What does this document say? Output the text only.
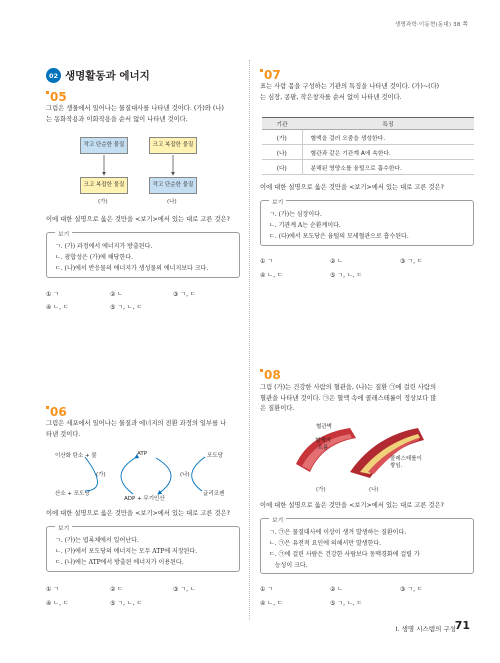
생명과학·이동현(동대) 38 쪽
02 생명활동과 에너지
05
그림은 생물에서 일어나는 물질대사를 나타낸 것이다. (가)와 (나)
는 동화작용과 이화작용을 순서 없이 나타낸 것이다.
작고 단순한 물질	크고 복잡한 물질
크고 복잡한 물질	작고 단순한 물질
(가)	(나)
이에 대한 설명으로 옳은 것만을 <보기>에서 있는 대로 고른 것은?
보기
ㄱ. (가) 과정에서 에너지가 방출된다.
ㄴ. 광합성은 (가)에 해당한다.
ㄷ. (나)에서 반응물의 에너지가 생성물의 에너지보다 크다.
① ㄱ	② ㄴ	③ ㄱ, ㄷ
④ ㄴ, ㄷ	⑤ ㄱ, ㄴ, ㄷ
06
그림은 세포에서 일어나는 물질과 에너지의 전환 과정의 일부를 나
타낸 것이다.
이산화 탄소 + 물	ATP	포도당
(가)	(나)
산소 + 포도당
ADP + 무기인산
글리코젠
이에 대한 설명으로 옳은 것만을 <보기>에서 있는 대로 고른 것은?
보기
ㄱ. (가)는 엽록체에서 일어난다.
ㄴ. (가)에서 포도당의 에너지는 모두 ATP에 저장된다.
ㄷ. (나)에는 ATP에서 방출된 에너지가 이용된다.
① ㄱ	② ㄷ	③ ㄱ, ㄴ
④ ㄴ, ㄷ	⑤ ㄱ, ㄴ, ㄷ
07
표는 사람 몸을 구성하는 기관의 특징을 나타낸 것이다. (가)~(다)
는 심장, 콩팥, 작은창자를 순서 없이 나타낸 것이다.
기관	특징
(가)	혈액을 걸러 오줌을 생성한다.
(나)	혈관과 같은 기관계 A에 속한다.
(다)	분해된 영양소를 융털으로 흡수한다.
이에 대한 설명으로 옳은 것만을 <보기>에서 있는 대로 고른 것은?
보기
ㄱ. (가)는 심장이다.
ㄴ. 기관계 A는 순환계이다.
ㄷ. (다)에서 포도당은 융털의 모세혈관으로 흡수된다.
① ㄱ	② ㄴ	③ ㄱ, ㄷ
④ ㄴ, ㄷ	⑤ ㄱ, ㄴ, ㄷ
08
그림 (가)는 건강한 사람의 혈관을, (나)는 질환 ㉠에 걸린 사람의
혈관을 나타낸 것이다. ㉠은 혈액 속에 콜레스테롤이 정상보다 많
은 질환이다.
혈관벽
혈액의 흐름
콜레스테롤이 쌓임.
(가)	(나)
이에 대한 설명으로 옳은 것만을 <보기>에서 있는 대로 고른 것은?
보기
ㄱ. ㉠은 물질대사에 이상이 생겨 발생하는 질환이다.
ㄴ. ㉠은 유전적 요인에 의해서만 발생한다.
ㄷ. ㉠에 걸린 사람은 건강한 사람보다 동맥경화에 걸릴 가
능성이 크다.
① ㄱ	② ㄴ	③ ㄱ, ㄷ
④ ㄴ, ㄷ	⑤ ㄱ, ㄴ, ㄷ
I. 생명 시스템의 구성
71
